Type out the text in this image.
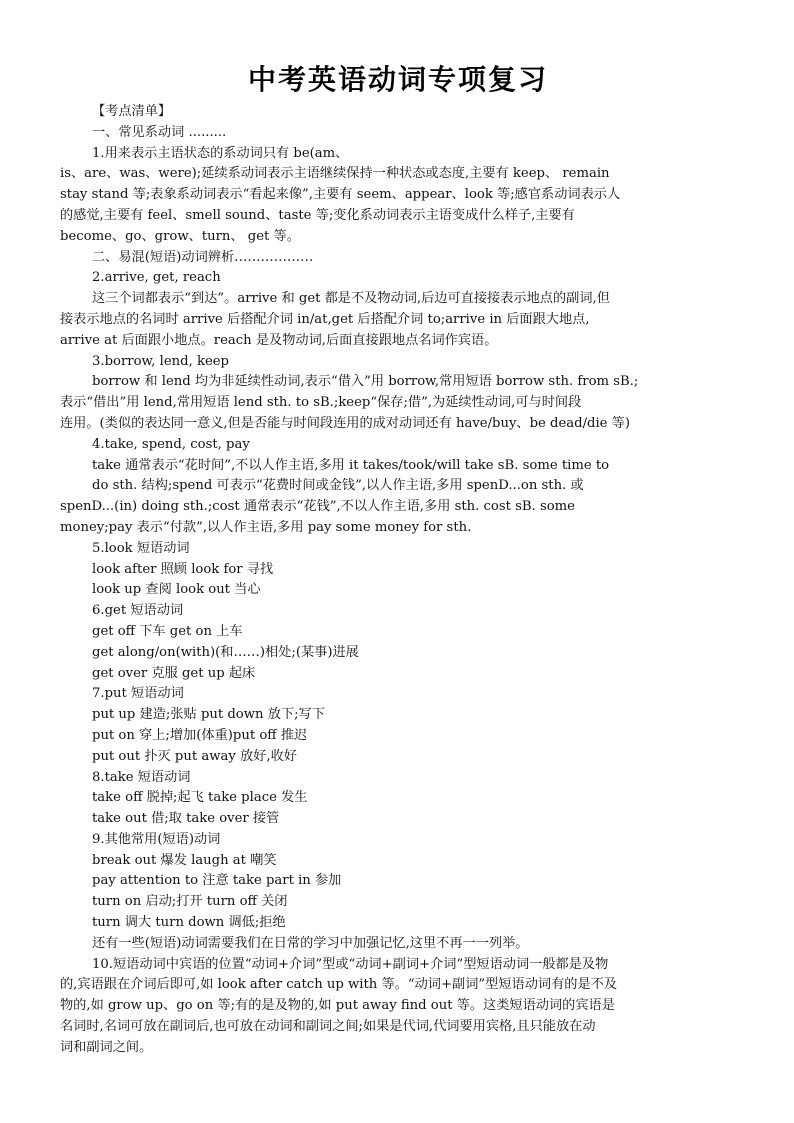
中考英语动词专项复习
【考点清单】
一、常见系动词 .........
1.用来表示主语状态的系动词只有 be(am、
is、are、was、were);延续系动词表示主语继续保持一种状态或态度,主要有 keep、 remain
stay stand 等;表象系动词表示“看起来像”,主要有 seem、appear、look 等;感官系动词表示人
的感觉,主要有 feel、smell sound、taste 等;变化系动词表示主语变成什么样子,主要有
become、go、grow、turn、 get 等。
二、易混(短语)动词辨析………………
2.arrive, get, reach
这三个词都表示“到达”。arrive 和 get 都是不及物动词,后边可直接接表示地点的副词,但
接表示地点的名词时 arrive 后搭配介词 in/at,get 后搭配介词 to;arrive in 后面跟大地点,
arrive at 后面跟小地点。reach 是及物动词,后面直接跟地点名词作宾语。
3.borrow, lend, keep
borrow 和 lend 均为非延续性动词,表示“借入”用 borrow,常用短语 borrow sth. from sB.;
表示“借出”用 lend,常用短语 lend sth. to sB.;keep“保存;借”,为延续性动词,可与时间段
连用。(类似的表达同一意义,但是否能与时间段连用的成对动词还有 have/buy、be dead/die 等)
4.take, spend, cost, pay
take 通常表示“花时间”,不以人作主语,多用 it takes/took/will take sB. some time to
do sth. 结构;spend 可表示“花费时间或金钱”,以人作主语,多用 spenD...on sth. 或
spenD...(in) doing sth.;cost 通常表示“花钱”,不以人作主语,多用 sth. cost sB. some
money;pay 表示“付款”,以人作主语,多用 pay some money for sth.
5.look 短语动词
look after 照顾 look for 寻找
look up 查阅 look out 当心
6.get 短语动词
get off 下车 get on 上车
get along/on(with)(和……)相处;(某事)进展
get over 克服 get up 起床
7.put 短语动词
put up 建造;张贴 put down 放下;写下
put on 穿上;增加(体重)put off 推迟
put out 扑灭 put away 放好,收好
8.take 短语动词
take off 脱掉;起飞 take place 发生
take out 借;取 take over 接管
9.其他常用(短语)动词
break out 爆发 laugh at 嘲笑
pay attention to 注意 take part in 参加
turn on 启动;打开 turn off 关闭
turn 调大 turn down 调低;拒绝
还有一些(短语)动词需要我们在日常的学习中加强记忆,这里不再一一列举。
10.短语动词中宾语的位置“动词+介词”型或“动词+副词+介词”型短语动词一般都是及物
的,宾语跟在介词后即可,如 look after catch up with 等。“动词+副词”型短语动词有的是不及
物的,如 grow up、go on 等;有的是及物的,如 put away find out 等。这类短语动词的宾语是
名词时,名词可放在副词后,也可放在动词和副词之间;如果是代词,代词要用宾格,且只能放在动
词和副词之间。
